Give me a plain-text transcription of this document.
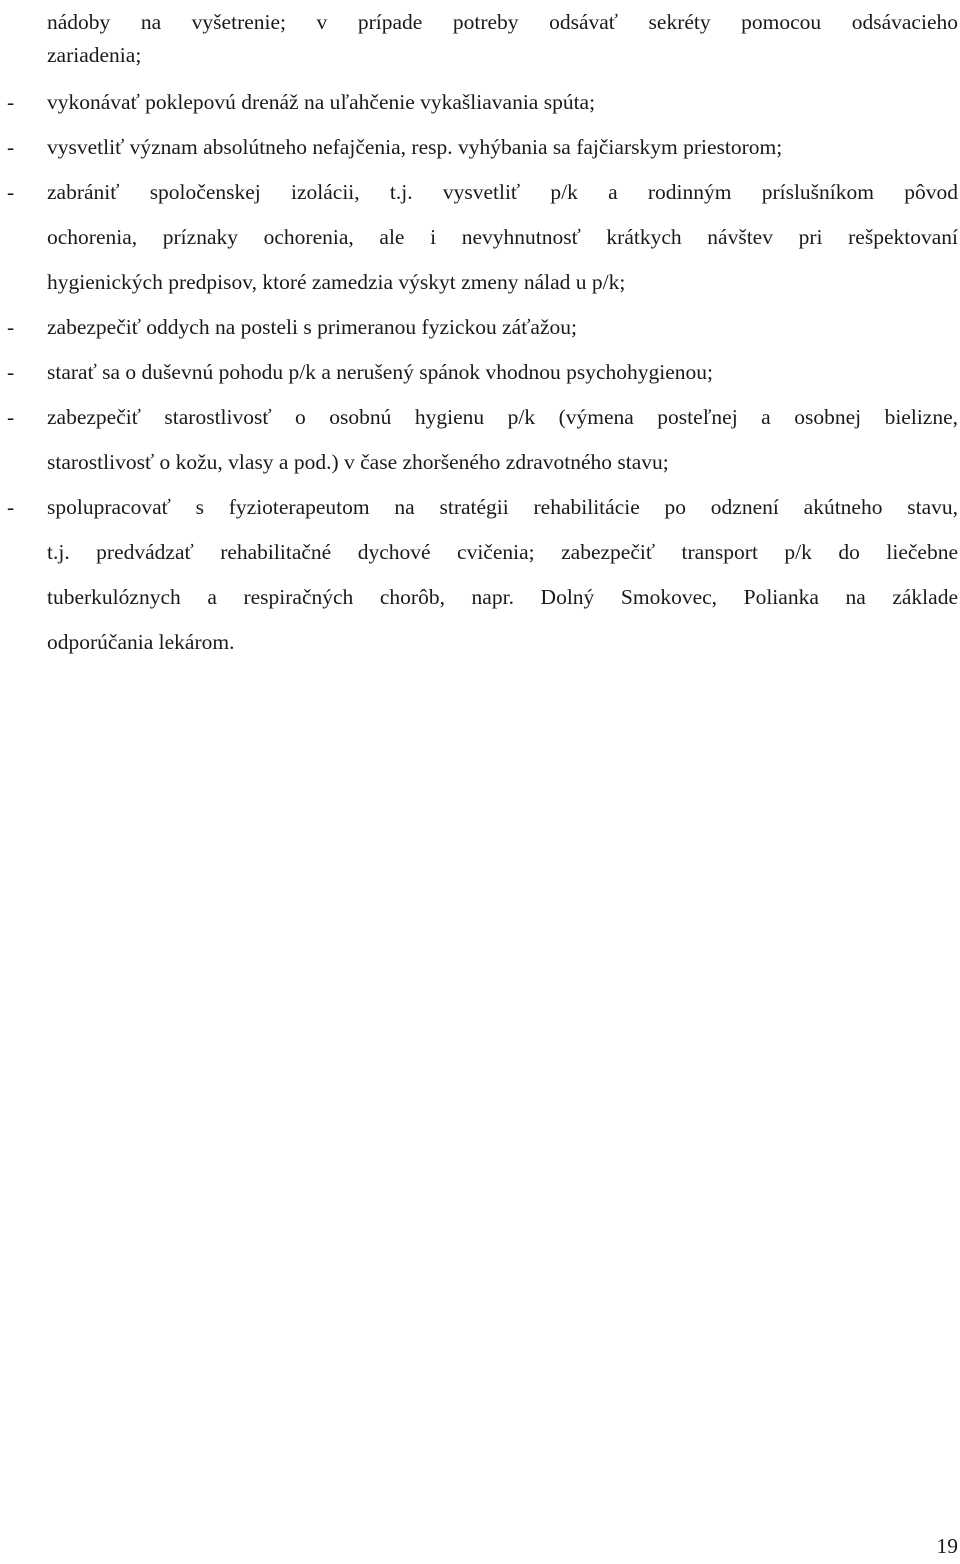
nádoby na vyšetrenie; v prípade potreby odsávať sekréty pomocou odsávacieho
zariadenia;
-	vykonávať poklepovú drenáž na uľahčenie vykašliavania spúta;
-	vysvetliť význam absolútneho nefajčenia, resp. vyhýbania sa fajčiarskym priestorom;
-	zabrániť spoločenskej izolácii, t.j. vysvetliť p/k a rodinným príslušníkom pôvod
ochorenia, príznaky ochorenia, ale i nevyhnutnosť krátkych návštev pri rešpektovaní
hygienických predpisov, ktoré zamedzia výskyt zmeny nálad u p/k;
-	zabezpečiť oddych na posteli s primeranou fyzickou záťažou;
-	starať sa o duševnú pohodu p/k a nerušený spánok vhodnou psychohygienou;
-	zabezpečiť starostlivosť o osobnú hygienu p/k (výmena posteľnej a osobnej bielizne,
starostlivosť o kožu, vlasy a pod.) v čase zhoršeného zdravotného stavu;
-	spolupracovať s fyzioterapeutom na stratégii rehabilitácie po odznení akútneho stavu,
t.j. predvádzať rehabilitačné dychové cvičenia; zabezpečiť transport p/k do liečebne
tuberkulóznych a respiračných chorôb, napr. Dolný Smokovec, Polianka na základe
odporúčania lekárom.
19
